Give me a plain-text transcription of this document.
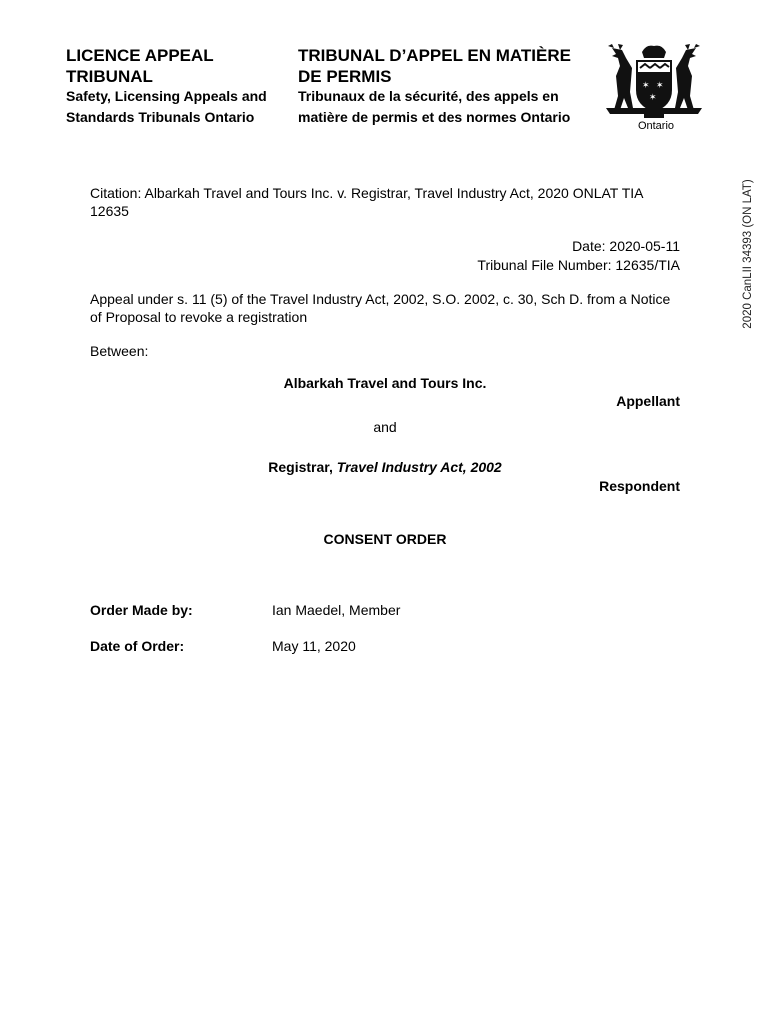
LICENCE APPEAL
TRIBUNAL
Safety, Licensing Appeals and
Standards Tribunals Ontario
TRIBUNAL D’APPEL EN MATIÈRE
DE PERMIS
Tribunaux de la sécurité, des appels en
matière de permis et des normes Ontario
✶ ✶
✶
Ontario
2020 CanLII 34393 (ON LAT)
Citation: Albarkah Travel and Tours Inc. v. Registrar, Travel Industry Act, 2020 ONLAT TIA 12635
Date: 2020-05-11
Tribunal File Number: 12635/TIA
Appeal under s. 11 (5) of the Travel Industry Act, 2002, S.O. 2002, c. 30, Sch D. from a Notice of Proposal to revoke a registration
Between:
Albarkah Travel and Tours Inc.
Appellant
and
Registrar, Travel Industry Act, 2002
Respondent
CONSENT ORDER
Order Made by:	Ian Maedel, Member
Date of Order:	May 11, 2020
